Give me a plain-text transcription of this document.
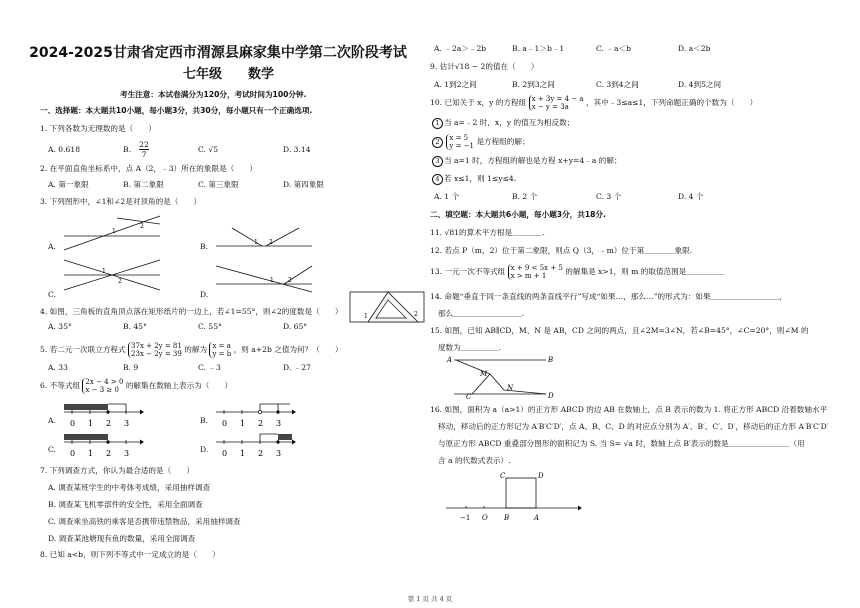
2024-2025甘肃省定西市渭源县麻家集中学第二次阶段考试
七年级 数学
考生注意：本试卷满分为120分，考试时间为100分钟.
一、选择题：本大题共10小题，每小题3分，共30分，每小题只有一个正确选项.
1. 下列各数为无理数的是（　　）
A. 0.618	B. $\frac{22}{7}$	C. √5	D. 3.14
2. 在平面直角坐标系中，点 A（2，﹣3）所在的象限是（　　）
A. 第一象限	B. 第二象限	C. 第三象限	D. 第四象限
3. 下列图形中，∠1和∠2是对顶角的是（　　）
A.
1
2
B.	1 2
C.
1
2
D.
1 2
4. 如图，三角板的直角顶点落在矩形纸片的一边上，若∠1=55°，则∠2的度数是（　　）
A. 35°	B. 45°	C. 55°	D. 65°
5. 若二元一次联立方程式 37x + 2y = 81
23x − 2y = 39 的解为 x = a
y = b ，则 a+2b 之值为何？（　　）
A. 33	B. 9	C. ﹣3	D. ﹣27
6. 不等式组 2x − 4 > 0
x − 3 ≥ 0 的解集在数轴上表示为（　　）
A. 0 1 2 3	B. 0 1 2 3
C. 0 1 2 3	D. 0 1 2 3
7. 下列调查方式，你认为最合适的是（　　）
A. 调查某班学生的中考体考成绩，采用抽样调查
B. 调查某飞机零部件的安全性，采用全面调查
C. 调查乘坐高铁的乘客是否携带违禁物品，采用抽样调查
D. 调查某池塘现有鱼的数量，采用全面调查
8. 已知 a<b，则下列不等式中一定成立的是（　　）
1	2
A. ﹣2a＞﹣2b	B. a﹣1＞b﹣1	C. ﹣a＜b	D. a＜2b
9. 估计√18 − 2的值在（　　）
A. 1到2之间	B. 2到3之间	C. 3到4之间	D. 4到5之间
10. 已知关于 x，y 的方程组 x + 3y = 4 − a
x − y = 3a	，其中﹣3≤a≤1，下列命题正确的个数为（　　）
1 当 a=﹣2 时，x，y 的值互为相反数；
2 x = 5
y = −1 是方程组的解；
3 当 a=1 时，方程组的解也是方程 x+y=4﹣a 的解；
4 若 x≤1，则 1≤y≤4.
A. 1 个	B. 2 个	C. 3 个	D. 4 个
二、填空题：本大题共6小题，每小题3分，共18分.
11. √81的算术平方根是＿＿＿＿.
12. 若点 P（m，2）位于第二象限，则点 Q（3，﹣m）位于第＿＿＿＿象限.
13. 一元一次不等式组 x + 9 < 5x + 5
x > m + 1	的解集是 x>1，则 m 的取值范围是＿＿＿＿＿
14. 命题“垂直于同一条直线的两条直线平行”写成“如果…，那么…”的形式为：如果＿＿＿＿＿＿＿＿＿，
那么＿＿＿＿＿＿＿＿＿.
15. 如图，已知 AB∥CD，M、N 是 AB，CD 之间的两点，且∠2M=3∠N，若∠B=45°，∠C=20°，则∠M 的
度数为＿＿＿＿＿.
A	B
M
N
C	D
16. 如图，面积为 a（a>1）的正方形 ABCD 的边 AB 在数轴上，点 B 表示的数为 1. 将正方形 ABCD 沿着数轴水平
移动，移动后的正方形记为 A′B′C′D′，点 A、B、C、D 的对应点分别为 A′、B′、C′、D′，移动后的正方形 A′B′C′D′
与原正方形 ABCD 重叠部分图形的面积记为 S. 当 S= √a 时，数轴上点 B′表示的数是＿＿＿＿＿＿＿＿（用
含 a 的代数式表示）.
C	D
−1 O B	A
第 1 页 共 4 页
